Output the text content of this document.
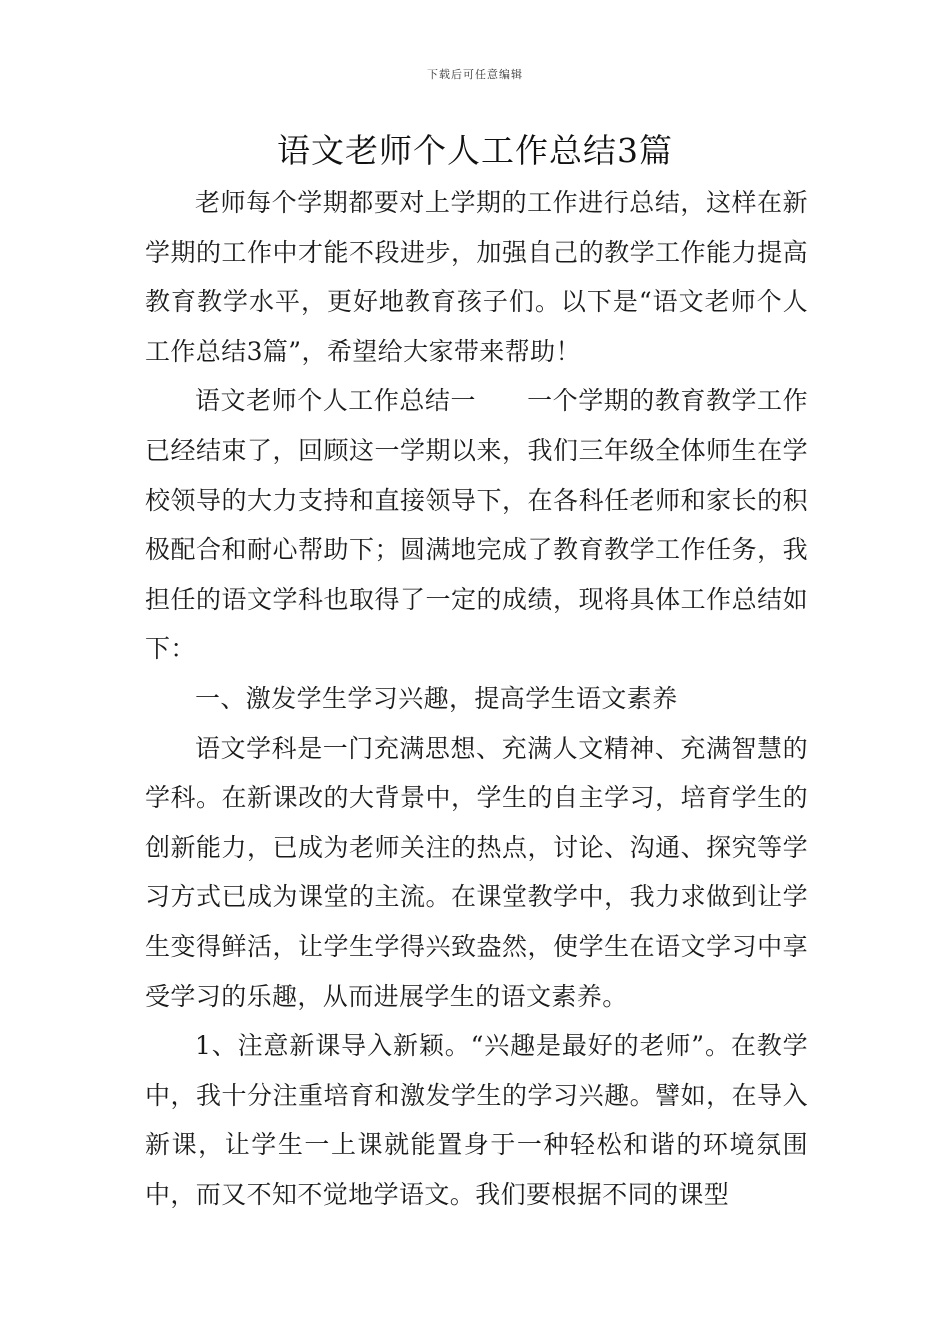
下载后可任意编辑
语文老师个人工作总结3篇

老师每个学期都要对上学期的工作进行总结，这样在新学期的工作中才能不段进步，加强自己的教学工作能力提高教育教学水平，更好地教育孩子们。以下是“语文老师个人工作总结3篇”，希望给大家带来帮助！

语文老师个人工作总结一　　一个学期的教育教学工作已经结束了，回顾这一学期以来，我们三年级全体师生在学校领导的大力支持和直接领导下，在各科任老师和家长的积极配合和耐心帮助下；圆满地完成了教育教学工作任务，我担任的语文学科也取得了一定的成绩，现将具体工作总结如下：

一、激发学生学习兴趣，提高学生语文素养

语文学科是一门充满思想、充满人文精神、充满智慧的学科。在新课改的大背景中，学生的自主学习，培育学生的创新能力，已成为老师关注的热点，讨论、沟通、探究等学习方式已成为课堂的主流。在课堂教学中，我力求做到让学生变得鲜活，让学生学得兴致盎然，使学生在语文学习中享受学习的乐趣，从而进展学生的语文素养。

1、注意新课导入新颖。“兴趣是最好的老师”。在教学中，我十分注重培育和激发学生的学习兴趣。譬如，在导入新课，让学生一上课就能置身于一种轻松和谐的环境氛围中，而又不知不觉地学语文。我们要根据不同的课型
